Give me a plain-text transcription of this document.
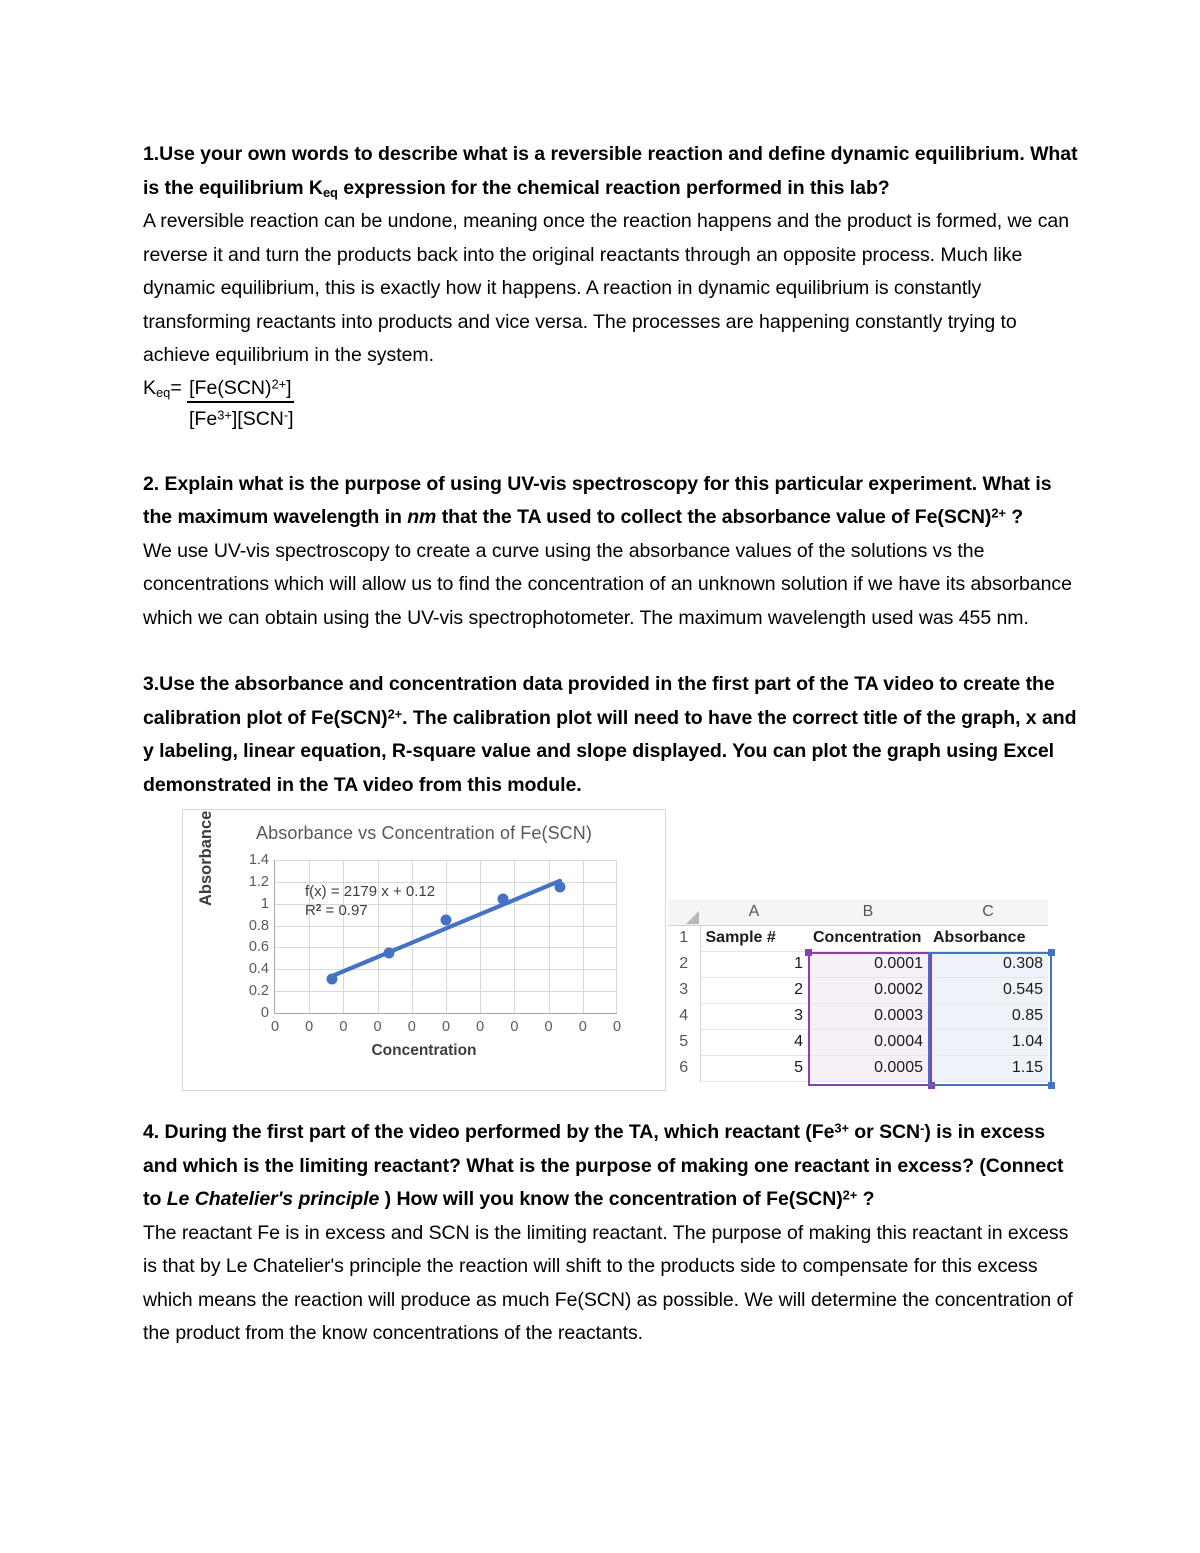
1.Use your own words to describe what is a reversible reaction and define dynamic equilibrium. What is the equilibrium $K_{eq}$ expression for the chemical reaction performed in this lab?

A reversible reaction can be undone, meaning once the reaction happens and the product is formed, we can reverse it and turn the products back into the original reactants through an opposite process. Much like dynamic equilibrium, this is exactly how it happens. A reaction in dynamic equilibrium is constantly transforming reactants into products and vice versa. The processes are happening constantly trying to achieve equilibrium in the system.

$K_{eq}= [Fe(SCN)^{2+}]$
$[Fe^{3+}][SCN^-]$

2. Explain what is the purpose of using UV-vis spectroscopy for this particular experiment. What is the maximum wavelength in nm that the TA used to collect the absorbance value of Fe(SCN)$^{2+}$ ?

We use UV-vis spectroscopy to create a curve using the absorbance values of the solutions vs the concentrations which will allow us to find the concentration of an unknown solution if we have its absorbance which we can obtain using the UV-vis spectrophotometer. The maximum wavelength used was 455 nm.

3.Use the absorbance and concentration data provided in the first part of the TA video to create the calibration plot of Fe(SCN)$^{2+}$. The calibration plot will need to have the correct title of the graph, x and y labeling, linear equation, R-square value and slope displayed. You can plot the graph using Excel demonstrated in the TA video from this module.

Absorbance vs Concentration of Fe(SCN)
Absorbance 1.4
1.2
1
0.8
0.6
0.4
0.2
0
0 0 0 0 0 0 0 0 0 0 0
f(x) = 2179 x + 0.12
$R^2 = 0.97$
Concentration
	A	B	C
1	Sample #	Concentration	Absorbance
2	1	0.0001	0.308
3	2	0.0002	0.545
4	3	0.0003	0.85
5	4	0.0004	1.04
6	5	0.0005	1.15

4. During the first part of the video performed by the TA, which reactant ($Fe^{3+}$ or SCN-) is in excess and which is the limiting reactant? What is the purpose of making one reactant in excess? (Connect to Le Chatelier's principle ) How will you know the concentration of Fe(SCN)$^{2+}$ ?

The reactant Fe is in excess and SCN is the limiting reactant. The purpose of making this reactant in excess is that by Le Chatelier's principle the reaction will shift to the products side to compensate for this excess which means the reaction will produce as much Fe(SCN) as possible. We will determine the concentration of the product from the know concentrations of the reactants.
